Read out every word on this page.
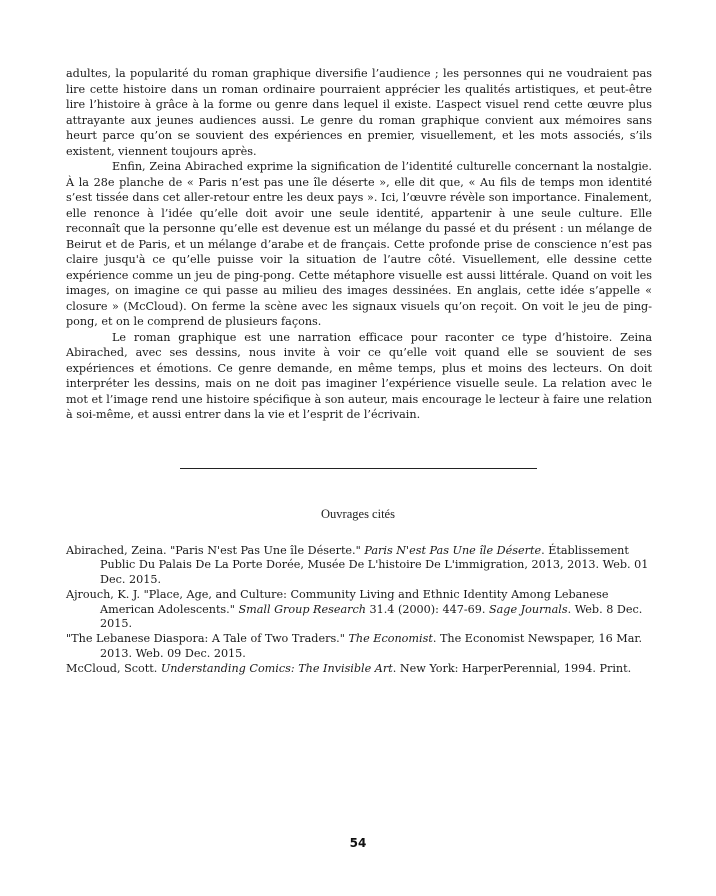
adultes, la popularité du roman graphique diversifie l’audience ; les personnes qui ne voudraient pas lire cette histoire dans un roman ordinaire pourraient apprécier les qualités artistiques, et peut-être lire l’histoire à grâce à la forme ou genre dans lequel il existe. L’aspect visuel rend cette œuvre plus attrayante aux jeunes audiences aussi. Le genre du roman graphique convient aux mémoires sans heurt parce qu’on se souvient des expériences en premier, visuellement, et les mots associés, s’ils existent, viennent toujours après.

Enfin, Zeina Abirached exprime la signification de l’identité culturelle concernant la nostalgie. À la 28e planche de « Paris n’est pas une île déserte », elle dit que, « Au fils de temps mon identité s’est tissée dans cet aller-retour entre les deux pays ». Ici, l’œuvre révèle son importance. Finalement, elle renonce à l’idée qu’elle doit avoir une seule identité, appartenir à une seule culture. Elle reconnaît que la personne qu’elle est devenue est un mélange du passé et du présent : un mélange de Beirut et de Paris, et un mélange d’arabe et de français. Cette profonde prise de conscience n’est pas claire jusqu'à ce qu’elle puisse voir la situation de l’autre côté. Visuellement, elle dessine cette expérience comme un jeu de ping-pong. Cette métaphore visuelle est aussi littérale. Quand on voit les images, on imagine ce qui passe au milieu des images dessinées. En anglais, cette idée s’appelle « closure » (McCloud). On ferme la scène avec les signaux visuels qu’on reçoit. On voit le jeu de ping-pong, et on le comprend de plusieurs façons.

Le roman graphique est une narration efficace pour raconter ce type d’histoire. Zeina Abirached, avec ses dessins, nous invite à voir ce qu’elle voit quand elle se souvient de ses expériences et émotions. Ce genre demande, en même temps, plus et moins des lecteurs. On doit interpréter les dessins, mais on ne doit pas imaginer l’expérience visuelle seule. La relation avec le mot et l’image rend une histoire spécifique à son auteur, mais encourage le lecteur à faire une relation à soi-même, et aussi entrer dans la vie et l’esprit de l’écrivain.

Ouvrages cités

Abirached, Zeina. "Paris N'est Pas Une île Déserte." Paris N'est Pas Une île Déserte. Établissement Public Du Palais De La Porte Dorée, Musée De L'histoire De L'immigration, 2013, 2013. Web. 01 Dec. 2015.

Ajrouch, K. J. "Place, Age, and Culture: Community Living and Ethnic Identity Among Lebanese American Adolescents." Small Group Research 31.4 (2000): 447-69. Sage Journals. Web. 8 Dec. 2015.

"The Lebanese Diaspora: A Tale of Two Traders." The Economist. The Economist Newspaper, 16 Mar. 2013. Web. 09 Dec. 2015.

McCloud, Scott. Understanding Comics: The Invisible Art. New York: HarperPerennial, 1994. Print.

54
